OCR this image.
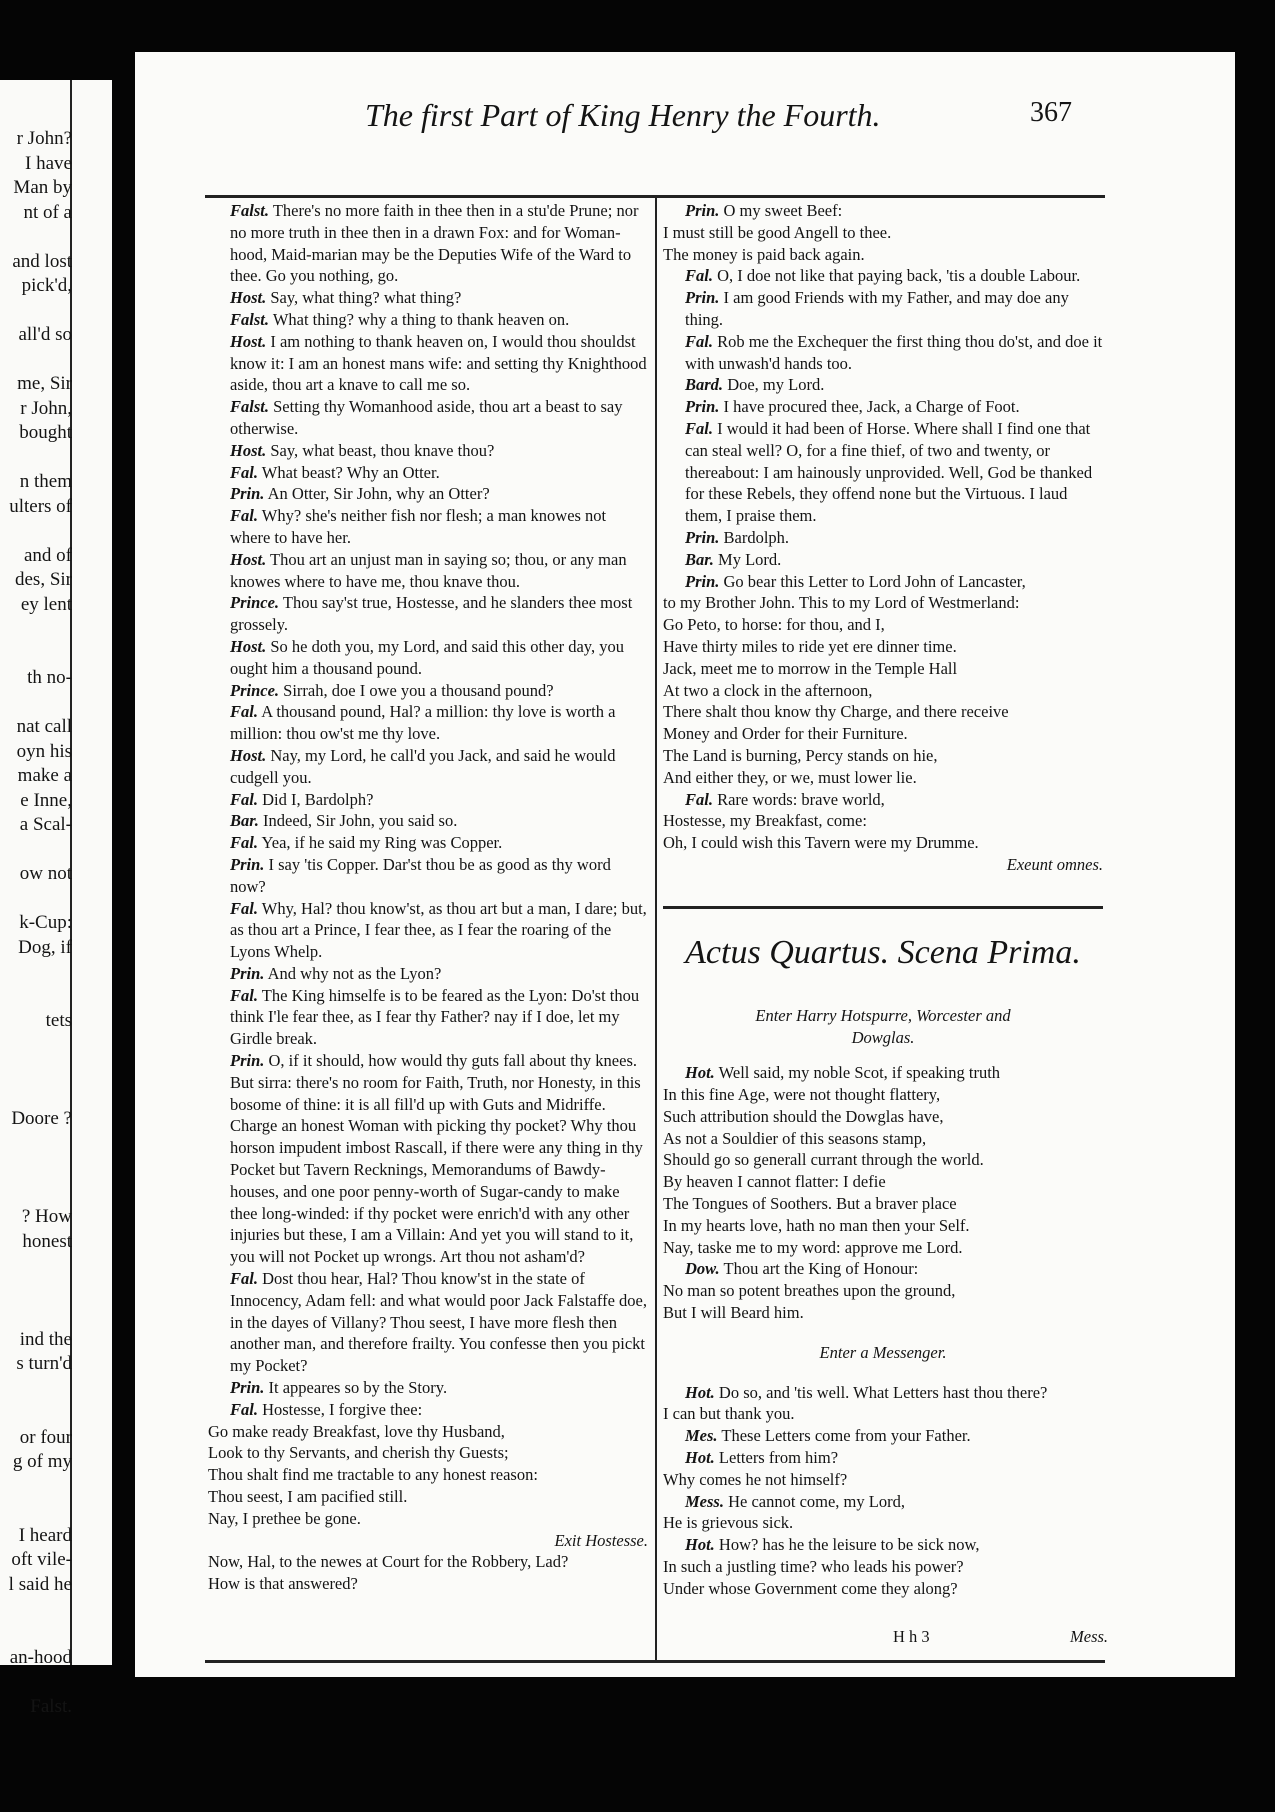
r John?
I have
Man by
nt of a
and lost
pick'd,
all'd so
me, Sir
r John,
bought
n them
ulters of
and of
des, Sir
ey lent
th no-
nat call
oyn his
make a
e Inne,
a Scal-
ow not
k-Cup:
Dog, if
tets
Doore ?
? How
honest
ind the
s turn'd
or four
g of my
I heard
oft vile-
l said he
an-hood
Falst.
The first Part of King Henry the Fourth.	367

Falst. There's no more faith in thee then in a stu'de Prune; nor no more truth in thee then in a drawn Fox: and for Woman-hood, Maid-marian may be the Deputies Wife of the Ward to thee. Go you nothing, go.

Host. Say, what thing? what thing?

Falst. What thing? why a thing to thank heaven on.

Host. I am nothing to thank heaven on, I would thou shouldst know it: I am an honest mans wife: and setting thy Knighthood aside, thou art a knave to call me so.

Falst. Setting thy Womanhood aside, thou art a beast to say otherwise.

Host. Say, what beast, thou knave thou?

Fal. What beast? Why an Otter.

Prin. An Otter, Sir John, why an Otter?

Fal. Why? she's neither fish nor flesh; a man knowes not where to have her.

Host. Thou art an unjust man in saying so; thou, or any man knowes where to have me, thou knave thou.

Prince. Thou say'st true, Hostesse, and he slanders thee most grossely.

Host. So he doth you, my Lord, and said this other day, you ought him a thousand pound.

Prince. Sirrah, doe I owe you a thousand pound?

Fal. A thousand pound, Hal? a million: thy love is worth a million: thou ow'st me thy love.

Host. Nay, my Lord, he call'd you Jack, and said he would cudgell you.

Fal. Did I, Bardolph?

Bar. Indeed, Sir John, you said so.

Fal. Yea, if he said my Ring was Copper.

Prin. I say 'tis Copper. Dar'st thou be as good as thy word now?

Fal. Why, Hal? thou know'st, as thou art but a man, I dare; but, as thou art a Prince, I fear thee, as I fear the roaring of the Lyons Whelp.

Prin. And why not as the Lyon?

Fal. The King himselfe is to be feared as the Lyon: Do'st thou think I'le fear thee, as I fear thy Father? nay if I doe, let my Girdle break.

Prin. O, if it should, how would thy guts fall about thy knees. But sirra: there's no room for Faith, Truth, nor Honesty, in this bosome of thine: it is all fill'd up with Guts and Midriffe. Charge an honest Woman with picking thy pocket? Why thou horson impudent imbost Rascall, if there were any thing in thy Pocket but Tavern Recknings, Memorandums of Bawdy-houses, and one poor penny-worth of Sugar-candy to make thee long-winded: if thy pocket were enrich'd with any other injuries but these, I am a Villain: And yet you will stand to it, you will not Pocket up wrongs. Art thou not asham'd?

Fal. Dost thou hear, Hal? Thou know'st in the state of Innocency, Adam fell: and what would poor Jack Falstaffe doe, in the dayes of Villany? Thou seest, I have more flesh then another man, and therefore frailty. You confesse then you pickt my Pocket?

Prin. It appeares so by the Story.

Fal. Hostesse, I forgive thee:

Go make ready Breakfast, love thy Husband,

Look to thy Servants, and cherish thy Guests;

Thou shalt find me tractable to any honest reason:

Thou seest, I am pacified still.

Nay, I prethee be gone.

Exit Hostesse.

Now, Hal, to the newes at Court for the Robbery, Lad?

How is that answered?

Prin. O my sweet Beef:

I must still be good Angell to thee.

The money is paid back again.

Fal. O, I doe not like that paying back, 'tis a double Labour.

Prin. I am good Friends with my Father, and may doe any thing.

Fal. Rob me the Exchequer the first thing thou do'st, and doe it with unwash'd hands too.

Bard. Doe, my Lord.

Prin. I have procured thee, Jack, a Charge of Foot.

Fal. I would it had been of Horse. Where shall I find one that can steal well? O, for a fine thief, of two and twenty, or thereabout: I am hainously unprovided. Well, God be thanked for these Rebels, they offend none but the Virtuous. I laud them, I praise them.

Prin. Bardolph.

Bar. My Lord.

Prin. Go bear this Letter to Lord John of Lancaster,

to my Brother John. This to my Lord of Westmerland:

Go Peto, to horse: for thou, and I,

Have thirty miles to ride yet ere dinner time.

Jack, meet me to morrow in the Temple Hall

At two a clock in the afternoon,

There shalt thou know thy Charge, and there receive

Money and Order for their Furniture.

The Land is burning, Percy stands on hie,

And either they, or we, must lower lie.

Fal. Rare words: brave world,

Hostesse, my Breakfast, come:

Oh, I could wish this Tavern were my Drumme.

Exeunt omnes.

Actus Quartus. Scena Prima.

Enter Harry Hotspurre, Worcester and Dowglas.

Hot. Well said, my noble Scot, if speaking truth

In this fine Age, were not thought flattery,

Such attribution should the Dowglas have,

As not a Souldier of this seasons stamp,

Should go so generall currant through the world.

By heaven I cannot flatter: I defie

The Tongues of Soothers. But a braver place

In my hearts love, hath no man then your Self.

Nay, taske me to my word: approve me Lord.

Dow. Thou art the King of Honour:

No man so potent breathes upon the ground,

But I will Beard him.

Enter a Messenger.

Hot. Do so, and 'tis well. What Letters hast thou there?

I can but thank you.

Mes. These Letters come from your Father.

Hot. Letters from him?

Why comes he not himself?

Mess. He cannot come, my Lord,

He is grievous sick.

Hot. How? has he the leisure to be sick now,

In such a justling time? who leads his power?

Under whose Government come they along?

H h 3	Mess.
